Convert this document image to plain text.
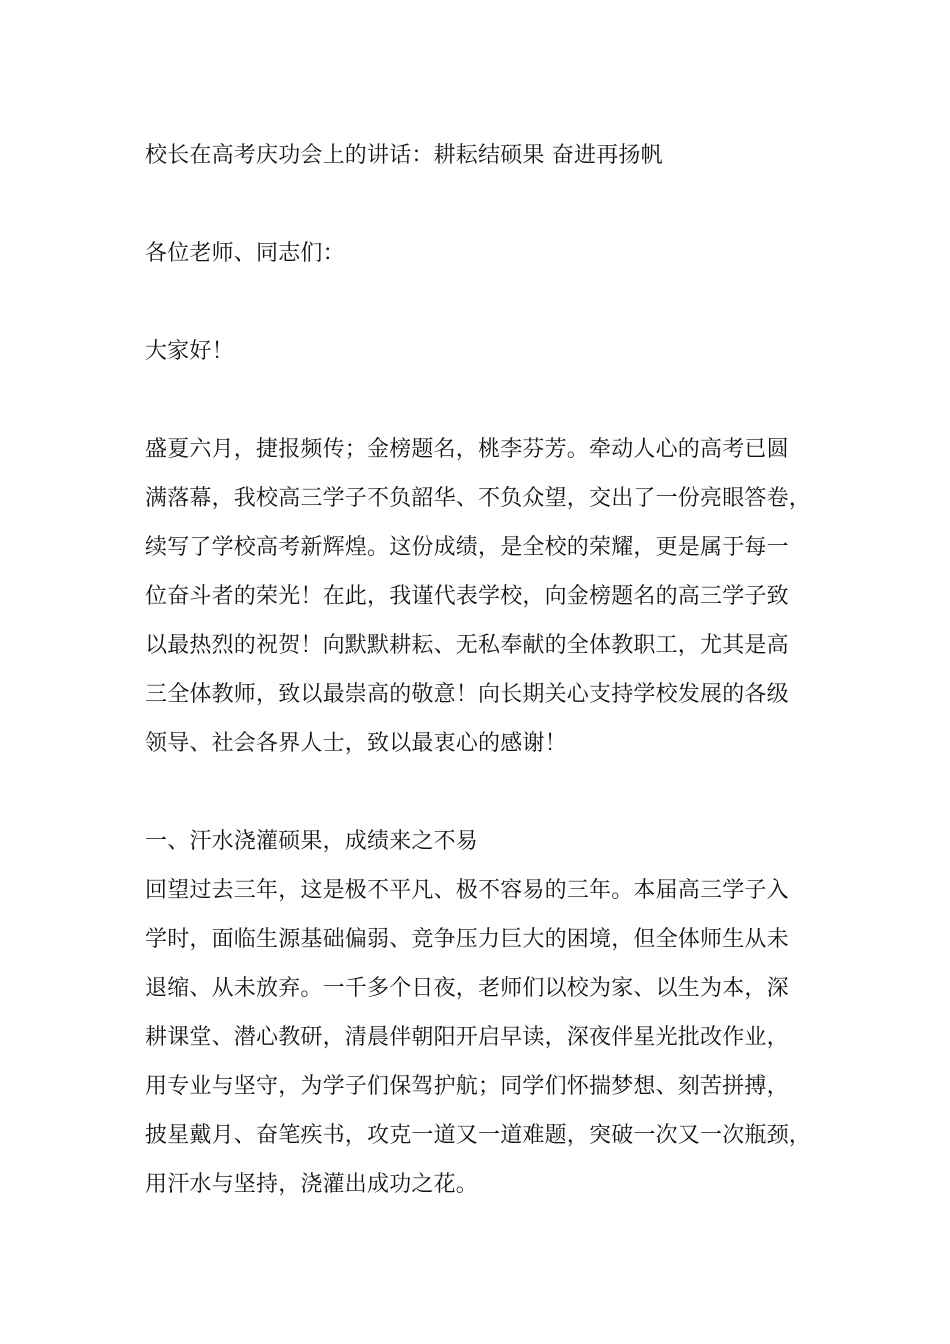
校长在高考庆功会上的讲话：耕耘结硕果 奋进再扬帆
各位老师、同志们：
大家好！
盛夏六月，捷报频传；金榜题名，桃李芬芳。牵动人心的高考已圆
满落幕，我校高三学子不负韶华、不负众望，交出了一份亮眼答卷，
续写了学校高考新辉煌。这份成绩，是全校的荣耀，更是属于每一
位奋斗者的荣光！在此，我谨代表学校，向金榜题名的高三学子致
以最热烈的祝贺！向默默耕耘、无私奉献的全体教职工，尤其是高
三全体教师，致以最崇高的敬意！向长期关心支持学校发展的各级
领导、社会各界人士，致以最衷心的感谢！
一、汗水浇灌硕果，成绩来之不易
回望过去三年，这是极不平凡、极不容易的三年。本届高三学子入
学时，面临生源基础偏弱、竞争压力巨大的困境，但全体师生从未
退缩、从未放弃。一千多个日夜，老师们以校为家、以生为本，深
耕课堂、潜心教研，清晨伴朝阳开启早读，深夜伴星光批改作业，
用专业与坚守，为学子们保驾护航；同学们怀揣梦想、刻苦拼搏，
披星戴月、奋笔疾书，攻克一道又一道难题，突破一次又一次瓶颈，
用汗水与坚持，浇灌出成功之花。
